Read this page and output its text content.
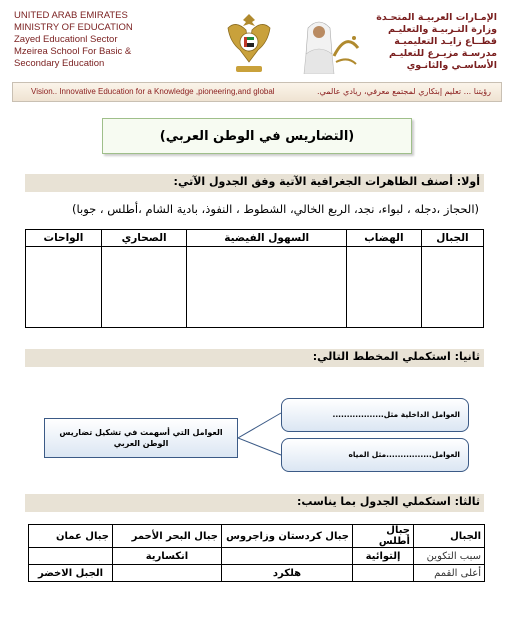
UNITED ARAB EMIRATES
MINISTRY OF EDUCATION
Zayed Educationl Sector
Mzeirea School For Basic &
Secondary Education
الإمـارات العربيـة المتحـدة
وزارة التـربيـة والتعليـم
قطــاع زايـد التعليميـة
مدرسـة مزيـرع للتعليـم
الأساسـي والثانـوي
Vision.. Innovative Education for a Knowledge ,pioneering,and global	رؤيتنا ... تعليم إبتكاري لمجتمع معرفي، ريادي عالمي.
(التضاريس في الوطن العربي)
أولا: أصنف الظاهرات الجغرافية الآتية وفق الجدول الآتي:
(الحجاز ،دجله ، لبواء، نجد، الربع الخالي، الشطوط ، النفوذ، بادية الشام ،أطلس ، جوبا)
الجبال	الهضاب	السهول الفيضية	الصحاري	الواحات

ثانيا: استكملي المخطط التالي:
العوامل التي أسهمت في تشكيل تضاريس الوطن العربي
العوامل الداخلية مثل..................
العوامل................مثل المياه
ثالثا: استكملي الجدول بما يناسب:
الجبال	جبال أطلس	جبال كردستان وزاجروس	جبال البحر الأحمر	جبال عمان
سبب التكوين	إلتوائية		انكسارية	
أعلى القمم		هلكرد		الجبل الاخضر
